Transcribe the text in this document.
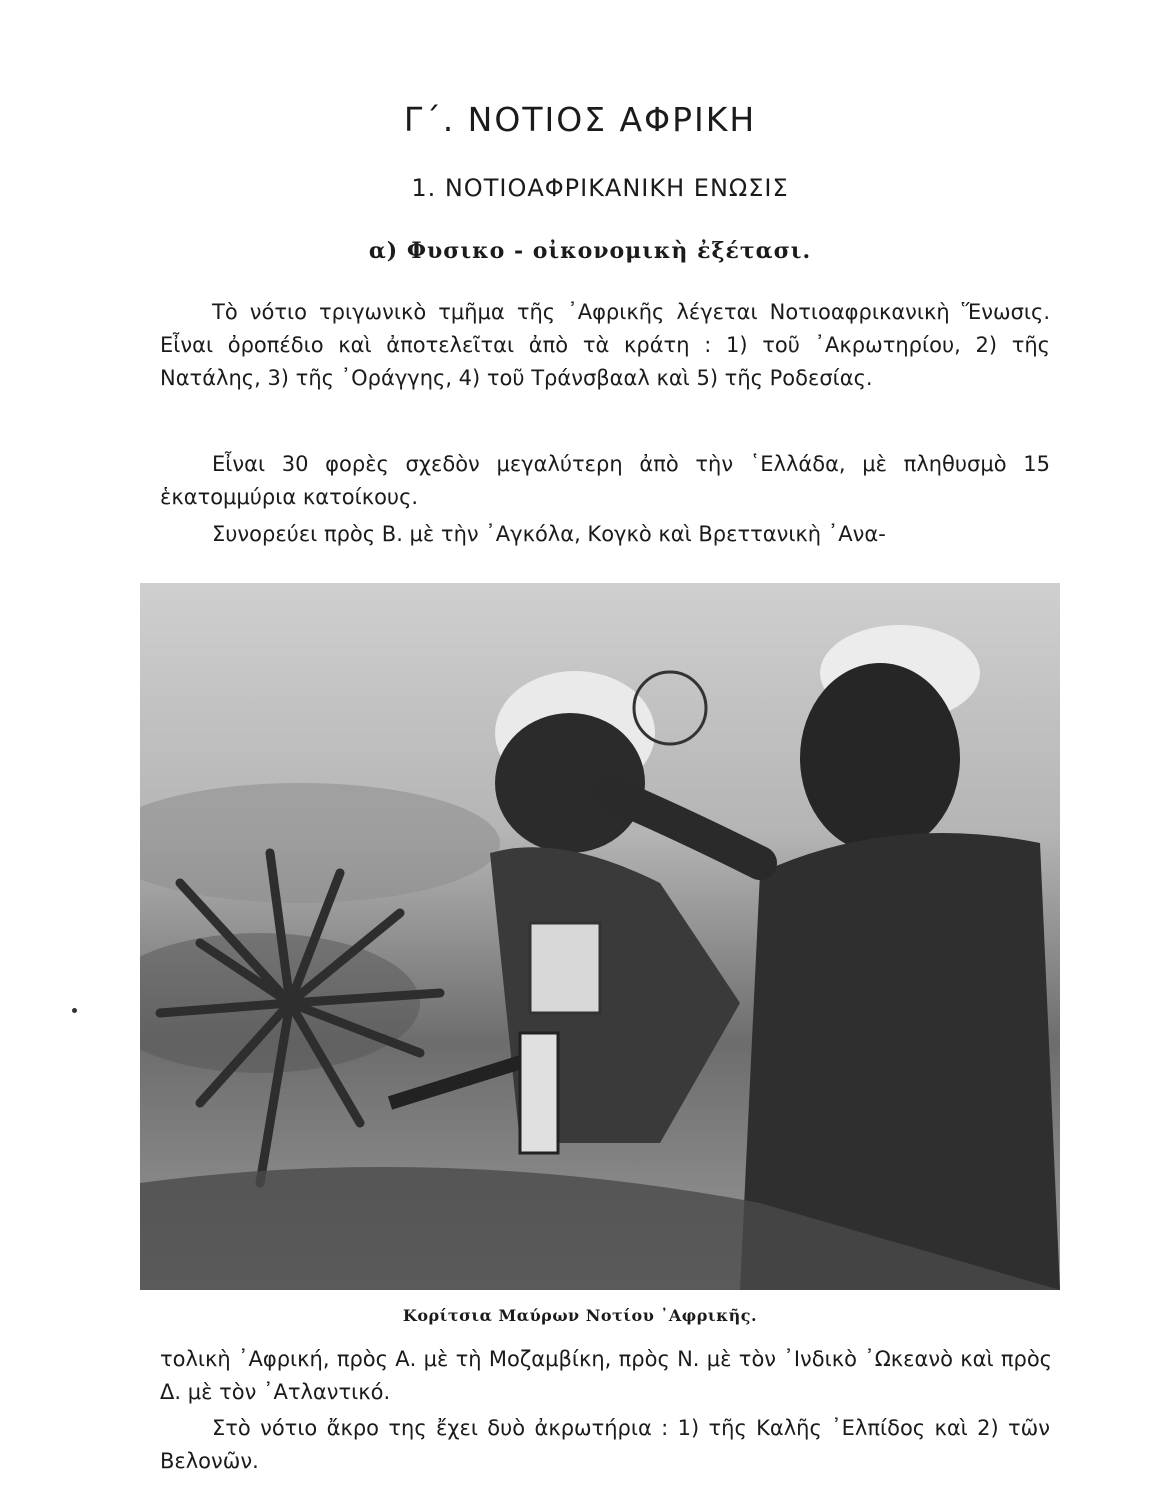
Γ΄. ΝΟΤΙΟΣ ΑΦΡΙΚΗ
1. ΝΟΤΙΟΑΦΡΙΚΑΝΙΚΗ ΕΝΩΣΙΣ
α) Φυσικο - οἰκονομικὴ ἐξέτασι.

Τὸ νότιο τριγωνικὸ τμῆμα τῆς ᾽Αφρικῆς λέγεται Νοτιοαφρικανικὴ Ἕνωσις. Εἶναι ὀροπέδιο καὶ ἀποτελεῖται ἀπὸ τὰ κράτη : 1) τοῦ ᾽Ακρωτηρίου, 2) τῆς Νατάλης, 3) τῆς ᾽Οράγγης, 4) τοῦ Τράνσβααλ καὶ 5) τῆς Ροδεσίας.

Εἶναι 30 φορὲς σχεδὸν μεγαλύτερη ἀπὸ τὴν ῾Ελλάδα, μὲ πληθυσμὸ 15 ἑκατομμύρια κατοίκους.

Συνορεύει πρὸς Β. μὲ τὴν ᾽Αγκόλα, Κογκὸ καὶ Βρεττανικὴ ᾽Ανα-

Κορίτσια Μαύρων Νοτίου ᾽Αφρικῆς.

τολικὴ ᾽Αφρική, πρὸς Α. μὲ τὴ Μοζαμβίκη, πρὸς Ν. μὲ τὸν ᾽Ινδικὸ ᾽Ωκεανὸ καὶ πρὸς Δ. μὲ τὸν ᾽Ατλαντικό.

Στὸ νότιο ἄκρο της ἔχει δυὸ ἀκρωτήρια : 1) τῆς Καλῆς ᾽Ελπίδος καὶ 2) τῶν Βελονῶν.
